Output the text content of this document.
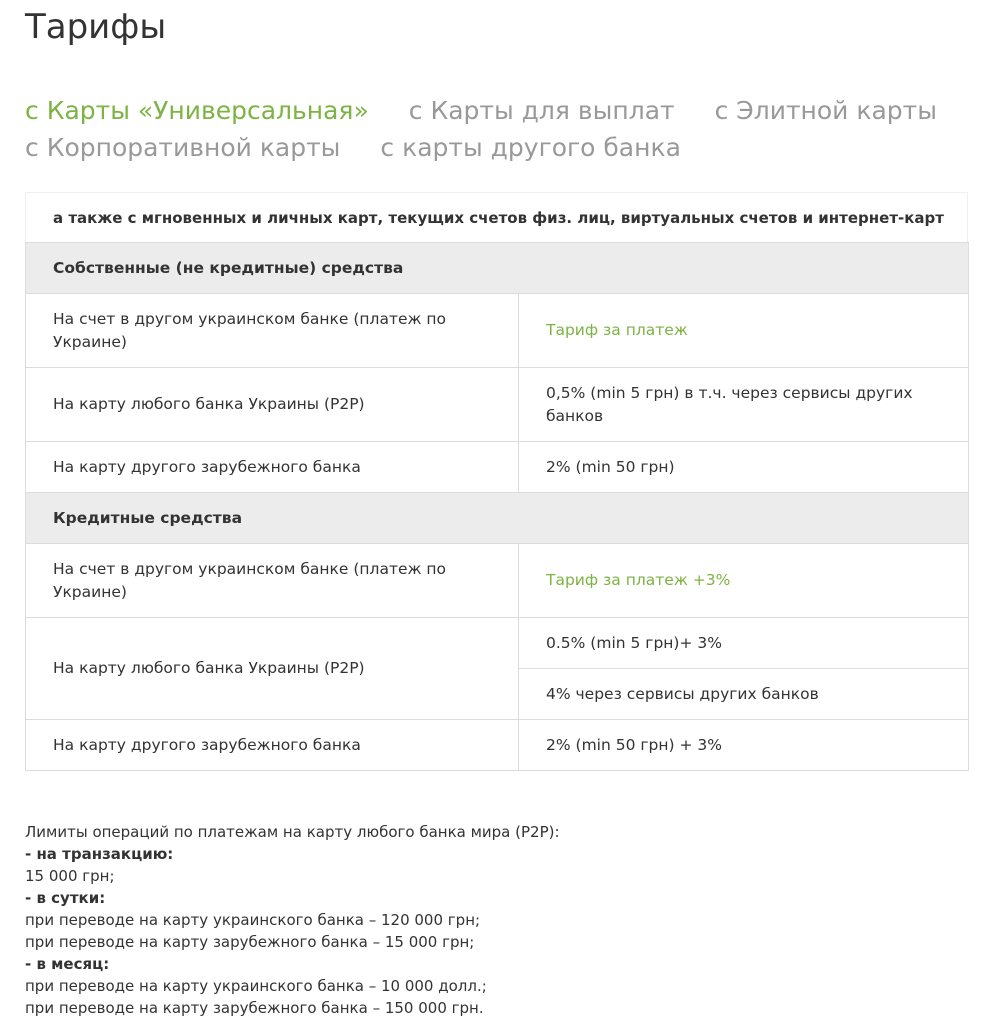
Тарифы
с Карты «Универсальная» с Карты для выплат с Элитной карты
с Корпоративной карты с карты другого банка
а также с мгновенных и личных карт, текущих счетов физ. лиц, виртуальных счетов и интернет-карт
Собственные (не кредитные) средства	
На счет в другом украинском банке (платеж по Украине)	Тариф за платеж
На карту любого банка Украины (P2P)	0,5% (min 5 грн) в т.ч. через сервисы других банков
На карту другого зарубежного банка	2% (min 50 грн)
Кредитные средства	
На счет в другом украинском банке (платеж по Украине)	Тариф за платеж +3%
На карту любого банка Украины (P2P)	0.5% (min 5 грн)+ 3%
	4% через сервисы других банков
На карту другого зарубежного банка	2% (min 50 грн) + 3%
Лимиты операций по платежам на карту любого банка мира (P2P):
- на транзакцию:
15 000 грн;
- в сутки:
при переводе на карту украинского банка – 120 000 грн;
при переводе на карту зарубежного банка – 15 000 грн;
- в месяц:
при переводе на карту украинского банка – 10 000 долл.;
при переводе на карту зарубежного банка – 150 000 грн.
